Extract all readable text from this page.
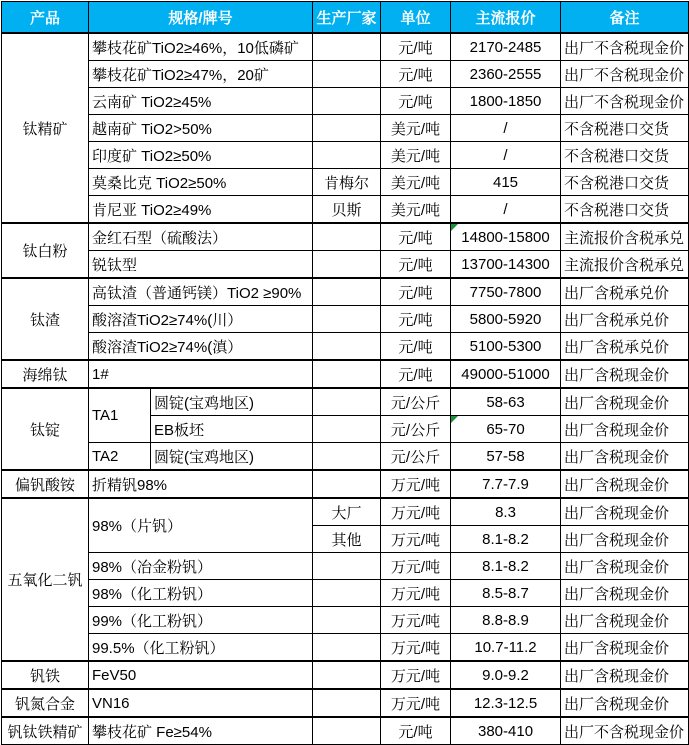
产品	规格/牌号		生产厂家	单位	主流报价	备注
钛精矿	攀枝花矿TiO2≥46%，10低磷矿			元/吨	2170-2485	出厂不含税现金价
	攀枝花矿TiO2≥47%，20矿			元/吨	2360-2555	出厂不含税现金价
	云南矿 TiO2≥45%			元/吨	1800-1850	出厂不含税现金价
	越南矿 TiO2>50%			美元/吨	/	不含税港口交货
	印度矿 TiO2≥50%			美元/吨	/	不含税港口交货
	莫桑比克 TiO2≥50%		肯梅尔	美元/吨	415	不含税港口交货
	肯尼亚 TiO2≥49%		贝斯	美元/吨	/	不含税港口交货
钛白粉	金红石型（硫酸法）			元/吨	14800-15800	主流报价含税承兑
	锐钛型			元/吨	13700-14300	主流报价含税承兑
钛渣	高钛渣（普通钙镁）TiO2 ≥90%			元/吨	7750-7800	出厂含税承兑价
	酸溶渣TiO2≥74%(川）			元/吨	5800-5920	出厂含税承兑价
	酸溶渣TiO2≥74%(滇）			元/吨	5100-5300	出厂含税承兑价
海绵钛	1#			元/吨	49000-51000	出厂含税现金价
钛锭	TA1	圆锭(宝鸡地区)		元/公斤	58-63	出厂含税现金价
		EB板坯		元/公斤	65-70	出厂含税现金价
	TA2	圆锭(宝鸡地区)		元/公斤	57-58	出厂含税现金价
偏钒酸铵	折精钒98%			万元/吨	7.7-7.9	出厂含税现金价
五氧化二钒	98%（片钒）		大厂	万元/吨	8.3	出厂含税现金价
			其他	万元/吨	8.1-8.2	出厂含税现金价
	98%（冶金粉钒）			万元/吨	8.1-8.2	出厂含税现金价
	98%（化工粉钒）			万元/吨	8.5-8.7	出厂含税现金价
	99%（化工粉钒）			万元/吨	8.8-8.9	出厂含税现金价
	99.5%（化工粉钒）			万元/吨	10.7-11.2	出厂含税现金价
钒铁	FeV50			万元/吨	9.0-9.2	出厂含税现金价
钒氮合金	VN16			万元/吨	12.3-12.5	出厂含税现金价
钒钛铁精矿	攀枝花矿 Fe≥54%			元/吨	380-410	出厂不含税现金价
